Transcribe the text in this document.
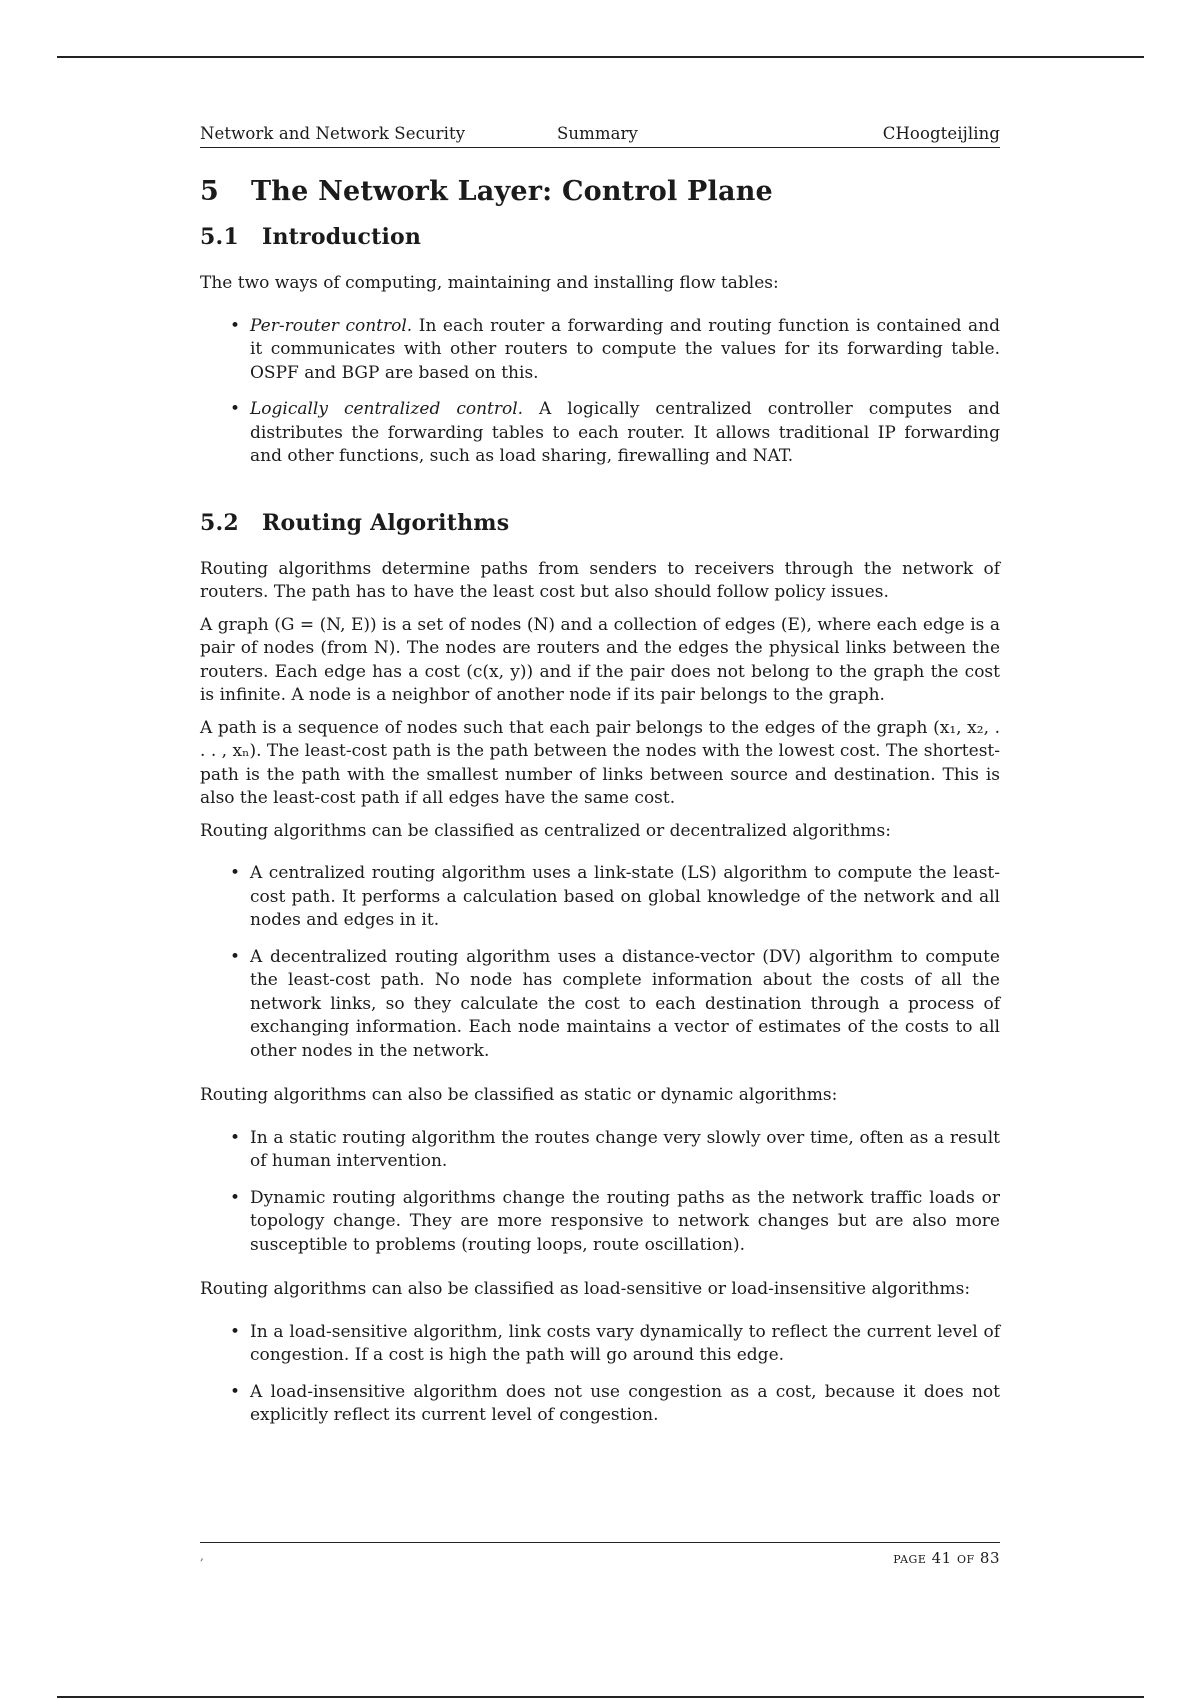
Network and Network Security	Summary	CHoogteijling
5 The Network Layer: Control Plane
5.1 Introduction

The two ways of computing, maintaining and installing flow tables:

• Per-router control. In each router a forwarding and routing function is contained and it communicates with other routers to compute the values for its forwarding table. OSPF and BGP are based on this.
• Logically centralized control. A logically centralized controller computes and distributes the forwarding tables to each router. It allows traditional IP forwarding and other functions, such as load sharing, firewalling and NAT.
5.2 Routing Algorithms

Routing algorithms determine paths from senders to receivers through the network of routers. The path has to have the least cost but also should follow policy issues.

A graph (G = (N, E)) is a set of nodes (N) and a collection of edges (E), where each edge is a pair of nodes (from N). The nodes are routers and the edges the physical links between the routers. Each edge has a cost (c(x, y)) and if the pair does not belong to the graph the cost is infinite. A node is a neighbor of another node if its pair belongs to the graph.

A path is a sequence of nodes such that each pair belongs to the edges of the graph (x₁, x₂, . . . , xₙ). The least-cost path is the path between the nodes with the lowest cost. The shortest-path is the path with the smallest number of links between source and destination. This is also the least-cost path if all edges have the same cost.

Routing algorithms can be classified as centralized or decentralized algorithms:

• A centralized routing algorithm uses a link-state (LS) algorithm to compute the least-cost path. It performs a calculation based on global knowledge of the network and all nodes and edges in it.
• A decentralized routing algorithm uses a distance-vector (DV) algorithm to compute the least-cost path. No node has complete information about the costs of all the network links, so they calculate the cost to each destination through a process of exchanging information. Each node maintains a vector of estimates of the costs to all other nodes in the network.

Routing algorithms can also be classified as static or dynamic algorithms:

• In a static routing algorithm the routes change very slowly over time, often as a result of human intervention.
• Dynamic routing algorithms change the routing paths as the network traffic loads or topology change. They are more responsive to network changes but are also more susceptible to problems (routing loops, route oscillation).

Routing algorithms can also be classified as load-sensitive or load-insensitive algorithms:

• In a load-sensitive algorithm, link costs vary dynamically to reflect the current level of congestion. If a cost is high the path will go around this edge.
• A load-insensitive algorithm does not use congestion as a cost, because it does not explicitly reflect its current level of congestion.
,	page 41 of 83
